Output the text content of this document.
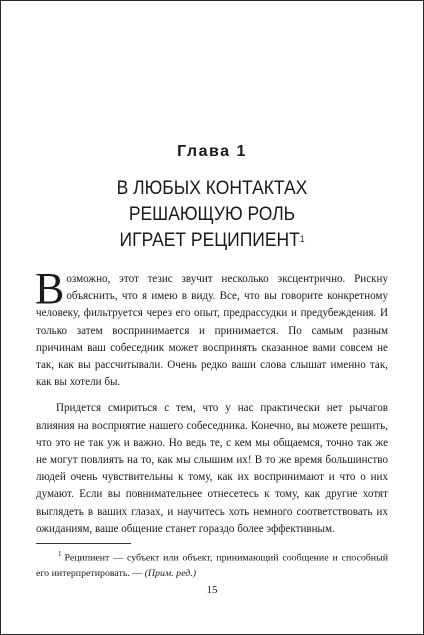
Глава 1
В ЛЮБЫХ КОНТАКТАХ
РЕШАЮЩУЮ РОЛЬ
ИГРАЕТ РЕЦИПИЕНТ$^1$

Возможно, этот тезис звучит несколько эксцентрично. Рискну объяснить, что я имею в виду. Все, что вы говорите конкретному человеку, фильтруется через его опыт, предрассудки и предубеждения. И только затем воспринимается и принимается. По самым разным причинам ваш собеседник может воспринять сказанное вами совсем не так, как вы рассчитывали. Очень редко ваши слова слышат именно так, как вы хотели бы.

Придется смириться с тем, что у нас практически нет рычагов влияния на восприятие нашего собеседника. Конечно, вы можете решить, что это не так уж и важно. Но ведь те, с кем мы общаемся, точно так же не могут повлиять на то, как мы слышим их! В то же время большинство людей очень чувствительны к тому, как их воспринимают и что о них думают. Если вы повнимательнее отнесетесь к тому, как другие хотят выглядеть в ваших глазах, и научитесь хоть немного соответствовать их ожиданиям, ваше общение станет гораздо более эффективным.

$^1$ Реципиент — субъект или объект, принимающий сообщение и способный его интерпретировать. — (Прим. ред.)
15
